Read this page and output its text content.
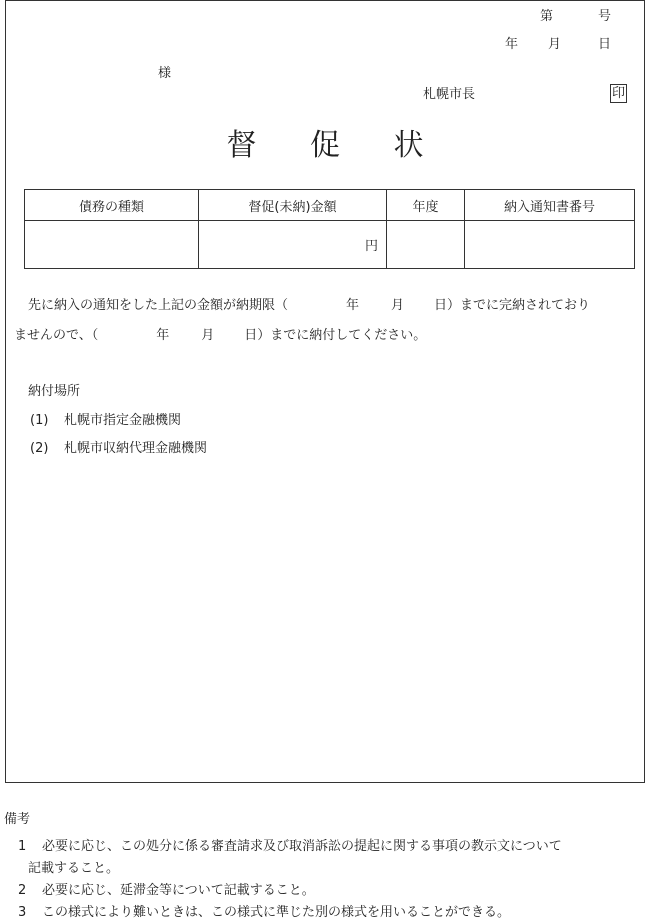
第	号
年 月	日
様
札幌市長	印
督 促 状
債務の種類	督促(未納)金額	年度	納入通知書番号
	円		
先に納入の通知をした上記の金額が納期限（	年 月 日）までに完納されており
ませんので、（	年 月 日）までに納付してください。
納付場所
(1) 札幌市指定金融機関
(2) 札幌市収納代理金融機関
備考
1 必要に応じ、この処分に係る審査請求及び取消訴訟の提起に関する事項の教示文について
記載すること。
2 必要に応じ、延滞金等について記載すること。
3 この様式により難いときは、この様式に準じた別の様式を用いることができる。
